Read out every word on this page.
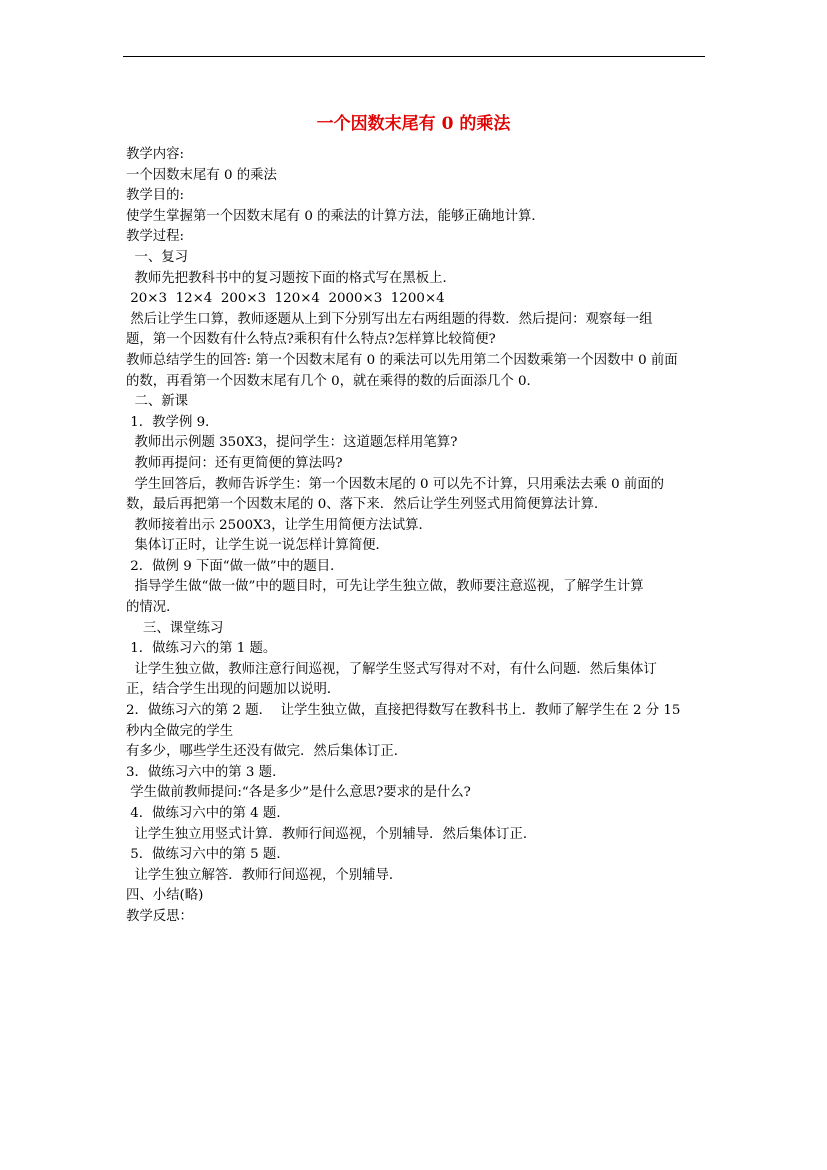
一个因数末尾有 0 的乘法
教学内容:
一个因数末尾有 0 的乘法
教学目的:
使学生掌握第一个因数末尾有 0 的乘法的计算方法，能够正确地计算．
教学过程:
一、复习
教师先把教科书中的复习题按下面的格式写在黑板上．
20×3  12×4  200×3  120×4  2000×3  1200×4
然后让学生口算，教师逐题从上到下分别写出左右两组题的得数．然后提问：观察每一组
题，第一个因数有什么特点?乘积有什么特点?怎样算比较简便?
教师总结学生的回答: 第一个因数末尾有 0 的乘法可以先用第二个因数乘第一个因数中 0 前面
的数，再看第一个因数末尾有几个 0，就在乘得的数的后面添几个 0．
二、新课
1．教学例 9．
教师出示例题 350X3，提问学生：这道题怎样用笔算?
教师再提问：还有更简便的算法吗?
学生回答后，教师告诉学生：第一个因数末尾的 0 可以先不计算，只用乘法去乘 0 前面的
数，最后再把第一个因数末尾的 0、落下来．然后让学生列竖式用简便算法计算．
教师接着出示 2500X3，让学生用简便方法试算．
集体订正时，让学生说一说怎样计算简便．
2．做例 9 下面“做一做”中的题目．
指导学生做“做一做”中的题目时，可先让学生独立做，教师要注意巡视，了解学生计算
的情况．
三、课堂练习
1．做练习六的第 1 题。
让学生独立做，教师注意行间巡视，了解学生竖式写得对不对，有什么问题．然后集体订
正，结合学生出现的问题加以说明．
2．做练习六的第 2 题．  让学生独立做，直接把得数写在教科书上．教师了解学生在 2 分 15
秒内全做完的学生
有多少，哪些学生还没有做完．然后集体订正．
3．做练习六中的第 3 题．
学生做前教师提问:“各是多少”是什么意思?要求的是什么?
4．做练习六中的第 4 题．
让学生独立用竖式计算．教师行间巡视，个别辅导．然后集体订正．
5．做练习六中的第 5 题．
让学生独立解答．教师行间巡视，个别辅导．
四、小结(略)
教学反思：
